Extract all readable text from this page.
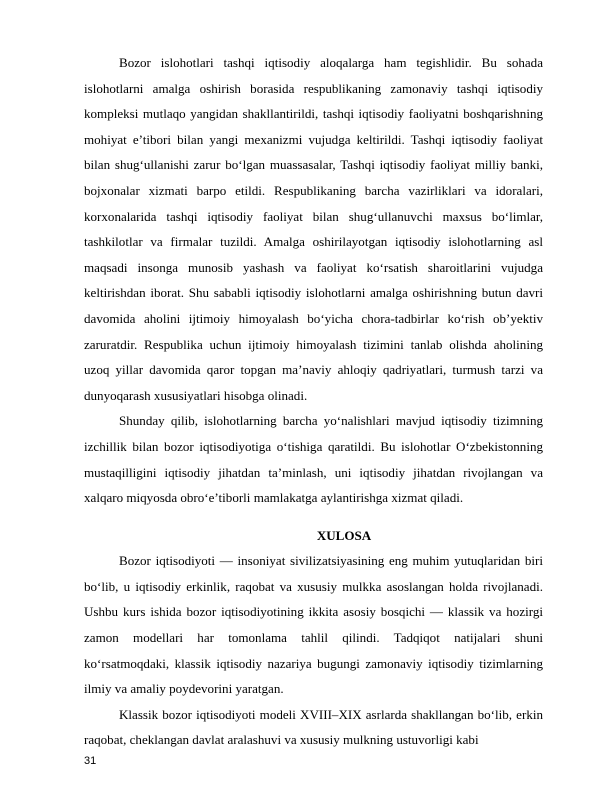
Bozor islohotlari tashqi iqtisodiy aloqalarga ham tegishlidir. Bu sohada islohotlarni amalga oshirish borasida respublikaning zamonaviy tashqi iqtisodiy kompleksi mutlaqo yangidan shakllantirildi, tashqi iqtisodiy faoliyatni boshqarishning mohiyat e’tibori bilan yangi mexanizmi vujudga keltirildi. Tashqi iqtisodiy faoliyat bilan shug‘ullanishi zarur bo‘lgan muassasalar, Tashqi iqtisodiy faoliyat milliy banki, bojxonalar xizmati barpo etildi. Respublikaning barcha vazirliklari va idoralari, korxonalarida tashqi iqtisodiy faoliyat bilan shug‘ullanuvchi maxsus bo‘limlar, tashkilotlar va firmalar tuzildi. Amalga oshirilayotgan iqtisodiy islohotlarning asl maqsadi insonga munosib yashash va faoliyat ko‘rsatish sharoitlarini vujudga keltirishdan iborat. Shu sababli iqtisodiy islohotlarni amalga oshirishning butun davri davomida aholini ijtimoiy himoyalash bo‘yicha chora-tadbirlar ko‘rish ob’yektiv zaruratdir. Respublika uchun ijtimoiy himoyalash tizimini tanlab olishda aholining uzoq yillar davomida qaror topgan ma’naviy ahloqiy qadriyatlari, turmush tarzi va dunyoqarash xususiyatlari hisobga olinadi.

Shunday qilib, islohotlarning barcha yo‘nalishlari mavjud iqtisodiy tizimning izchillik bilan bozor iqtisodiyotiga o‘tishiga qaratildi. Bu islohotlar O‘zbekistonning mustaqilligini iqtisodiy jihatdan ta’minlash, uni iqtisodiy jihatdan rivojlangan va xalqaro miqyosda obro‘e’tiborli mamlakatga aylantirishga xizmat qiladi.

XULOSA

Bozor iqtisodiyoti — insoniyat sivilizatsiyasining eng muhim yutuqlaridan biri bo‘lib, u iqtisodiy erkinlik, raqobat va xususiy mulkka asoslangan holda rivojlanadi. Ushbu kurs ishida bozor iqtisodiyotining ikkita asosiy bosqichi — klassik va hozirgi zamon modellari har tomonlama tahlil qilindi. Tadqiqot natijalari shuni ko‘rsatmoqdaki, klassik iqtisodiy nazariya bugungi zamonaviy iqtisodiy tizimlarning ilmiy va amaliy poydevorini yaratgan.

Klassik bozor iqtisodiyoti modeli XVIII–XIX asrlarda shakllangan bo‘lib, erkin raqobat, cheklangan davlat aralashuvi va xususiy mulkning ustuvorligi kabi

31
